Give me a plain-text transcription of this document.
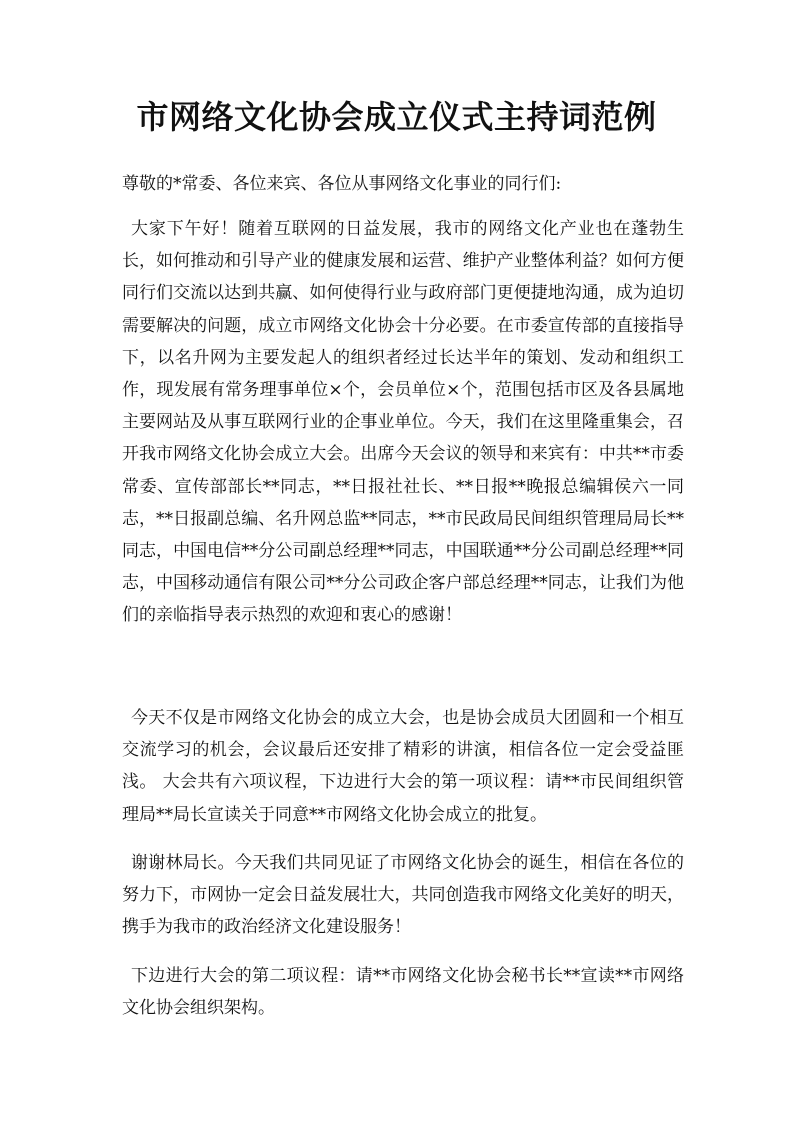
市网络文化协会成立仪式主持词范例
尊敬的*常委、各位来宾、各位从事网络文化事业的同行们:
大家下午好！随着互联网的日益发展，我市的网络文化产业也在蓬勃生长，如何推动和引导产业的健康发展和运营、维护产业整体利益？如何方便同行们交流以达到共赢、如何使得行业与政府部门更便捷地沟通，成为迫切需要解决的问题，成立市网络文化协会十分必要。在市委宣传部的直接指导下，以名升网为主要发起人的组织者经过长达半年的策划、发动和组织工作，现发展有常务理事单位×个，会员单位×个，范围包括市区及各县属地主要网站及从事互联网行业的企事业单位。今天，我们在这里隆重集会，召开我市网络文化协会成立大会。出席今天会议的领导和来宾有：中共**市委常委、宣传部部长**同志，**日报社社长、**日报**晚报总编辑侯六一同志，**日报副总编、名升网总监**同志，**市民政局民间组织管理局局长**同志，中国电信**分公司副总经理**同志，中国联通**分公司副总经理**同志，中国移动通信有限公司**分公司政企客户部总经理**同志，让我们为他们的亲临指导表示热烈的欢迎和衷心的感谢！
今天不仅是市网络文化协会的成立大会，也是协会成员大团圆和一个相互交流学习的机会，会议最后还安排了精彩的讲演，相信各位一定会受益匪浅。 大会共有六项议程，下边进行大会的第一项议程：请**市民间组织管理局**局长宣读关于同意**市网络文化协会成立的批复。
谢谢林局长。今天我们共同见证了市网络文化协会的诞生，相信在各位的努力下，市网协一定会日益发展壮大，共同创造我市网络文化美好的明天，携手为我市的政治经济文化建设服务！
下边进行大会的第二项议程：请**市网络文化协会秘书长**宣读**市网络文化协会组织架构。
